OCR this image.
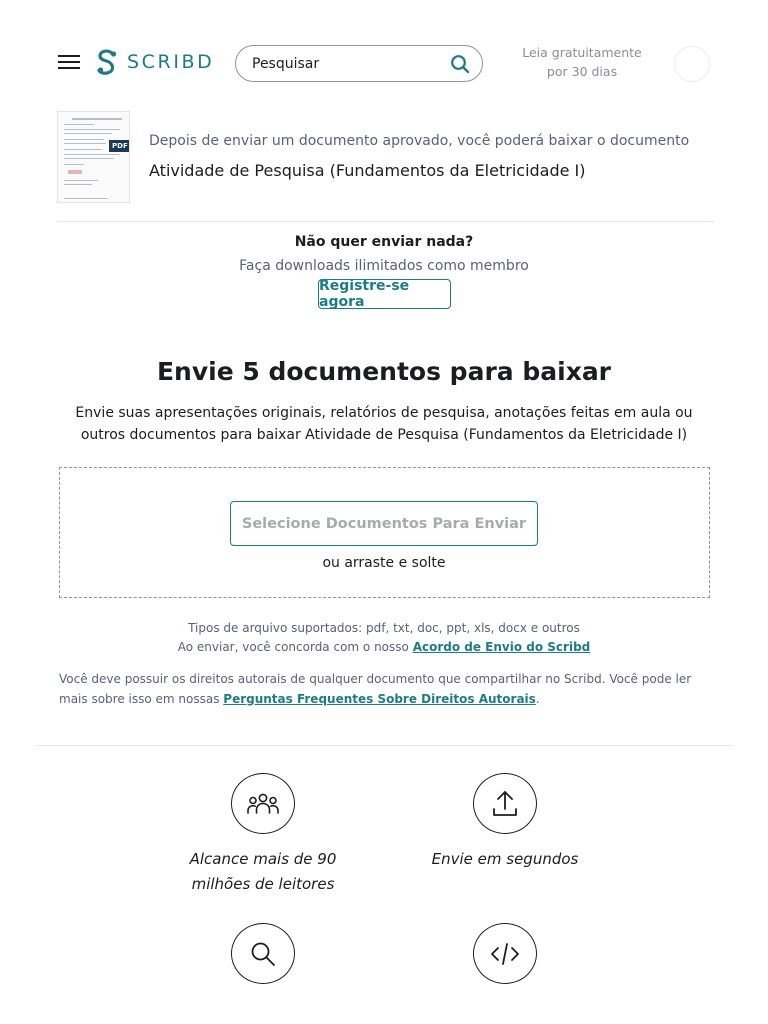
SCRIBD
Pesquisar	Leia gratuitamente
por 30 dias
PDF Depois de enviar um documento aprovado, você poderá baixar o documento
Atividade de Pesquisa (Fundamentos da Eletricidade I)
Não quer enviar nada?
Faça downloads ilimitados como membro
Registre-se agora
Envie 5 documentos para baixar
Envie suas apresentações originais, relatórios de pesquisa, anotações feitas em aula ou outros documentos para baixar Atividade de Pesquisa (Fundamentos da Eletricidade I)
Selecione Documentos Para Enviar
ou arraste e solte
Tipos de arquivo suportados: pdf, txt, doc, ppt, xls, docx e outros
Ao enviar, você concorda com o nosso Acordo de Envio do Scribd
Você deve possuir os direitos autorais de qualquer documento que compartilhar no Scribd. Você pode ler mais sobre isso em nossas Perguntas Frequentes Sobre Direitos Autorais.
Alcance mais de 90
milhões de leitores
Envie em segundos
